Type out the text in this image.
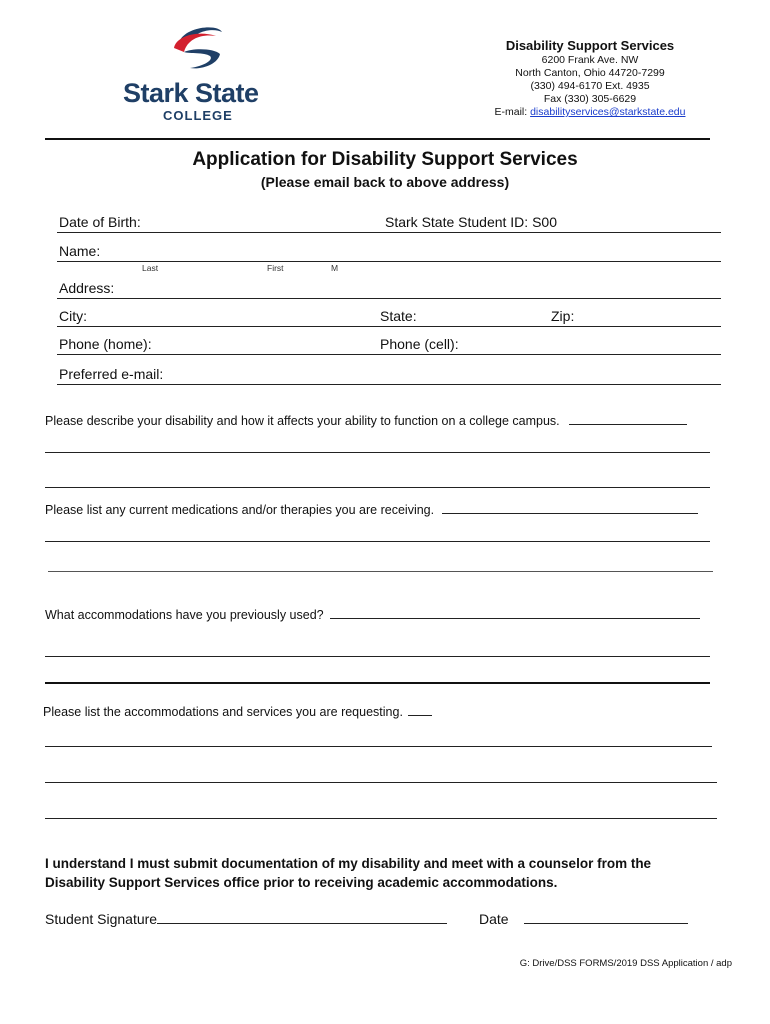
Stark State
COLLEGE
Disability Support Services
6200 Frank Ave. NW
North Canton, Ohio 44720-7299
(330) 494-6170 Ext. 4935
Fax (330) 305-6629
E-mail: disabilityservices@starkstate.edu
Application for Disability Support Services
(Please email back to above address)
Date of Birth:	Stark State Student ID: S00
Name:
Last	First	M
Address:
City:	State:	Zip:
Phone (home):	Phone (cell):
Preferred e-mail:
Please describe your disability and how it affects your ability to function on a college campus.
Please list any current medications and/or therapies you are receiving.
What accommodations have you previously used?
Please list the accommodations and services you are requesting.
I understand I must submit documentation of my disability and meet with a counselor from the
Disability Support Services office prior to receiving academic accommodations.
Student Signature	Date
G: Drive/DSS FORMS/2019 DSS Application / adp
